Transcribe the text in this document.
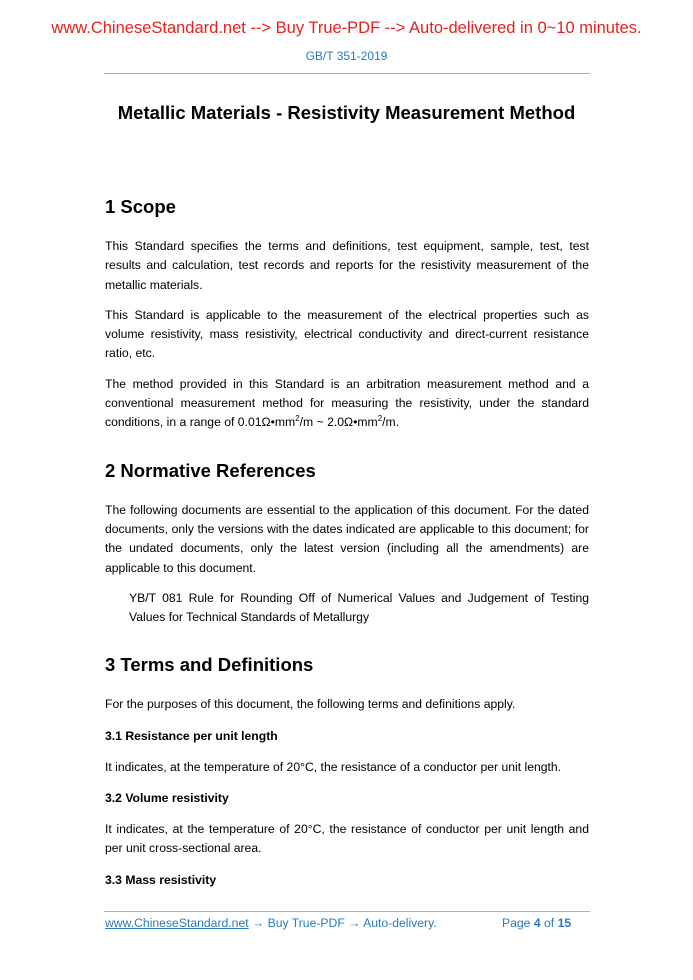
www.ChineseStandard.net --> Buy True-PDF --> Auto-delivered in 0~10 minutes.
GB/T 351-2019
Metallic Materials - Resistivity Measurement Method
1 Scope

This Standard specifies the terms and definitions, test equipment, sample, test, test results and calculation, test records and reports for the resistivity measurement of the metallic materials.

This Standard is applicable to the measurement of the electrical properties such as volume resistivity, mass resistivity, electrical conductivity and direct-current resistance ratio, etc.

The method provided in this Standard is an arbitration measurement method and a conventional measurement method for measuring the resistivity, under the standard conditions, in a range of $0.01\Omega•mm^2/m$ ~ $2.0\Omega•mm^2/m$.

2 Normative References

The following documents are essential to the application of this document. For the dated documents, only the versions with the dates indicated are applicable to this document; for the undated documents, only the latest version (including all the amendments) are applicable to this document.

YB/T 081 Rule for Rounding Off of Numerical Values and Judgement of Testing Values for Technical Standards of Metallurgy

3 Terms and Definitions

For the purposes of this document, the following terms and definitions apply.

3.1 Resistance per unit length

It indicates, at the temperature of 20°C, the resistance of a conductor per unit length.

3.2 Volume resistivity

It indicates, at the temperature of 20°C, the resistance of conductor per unit length and per unit cross-sectional area.

3.3 Mass resistivity
www.ChineseStandard.net → Buy True-PDF → Auto-delivery.	Page 4 of 15
